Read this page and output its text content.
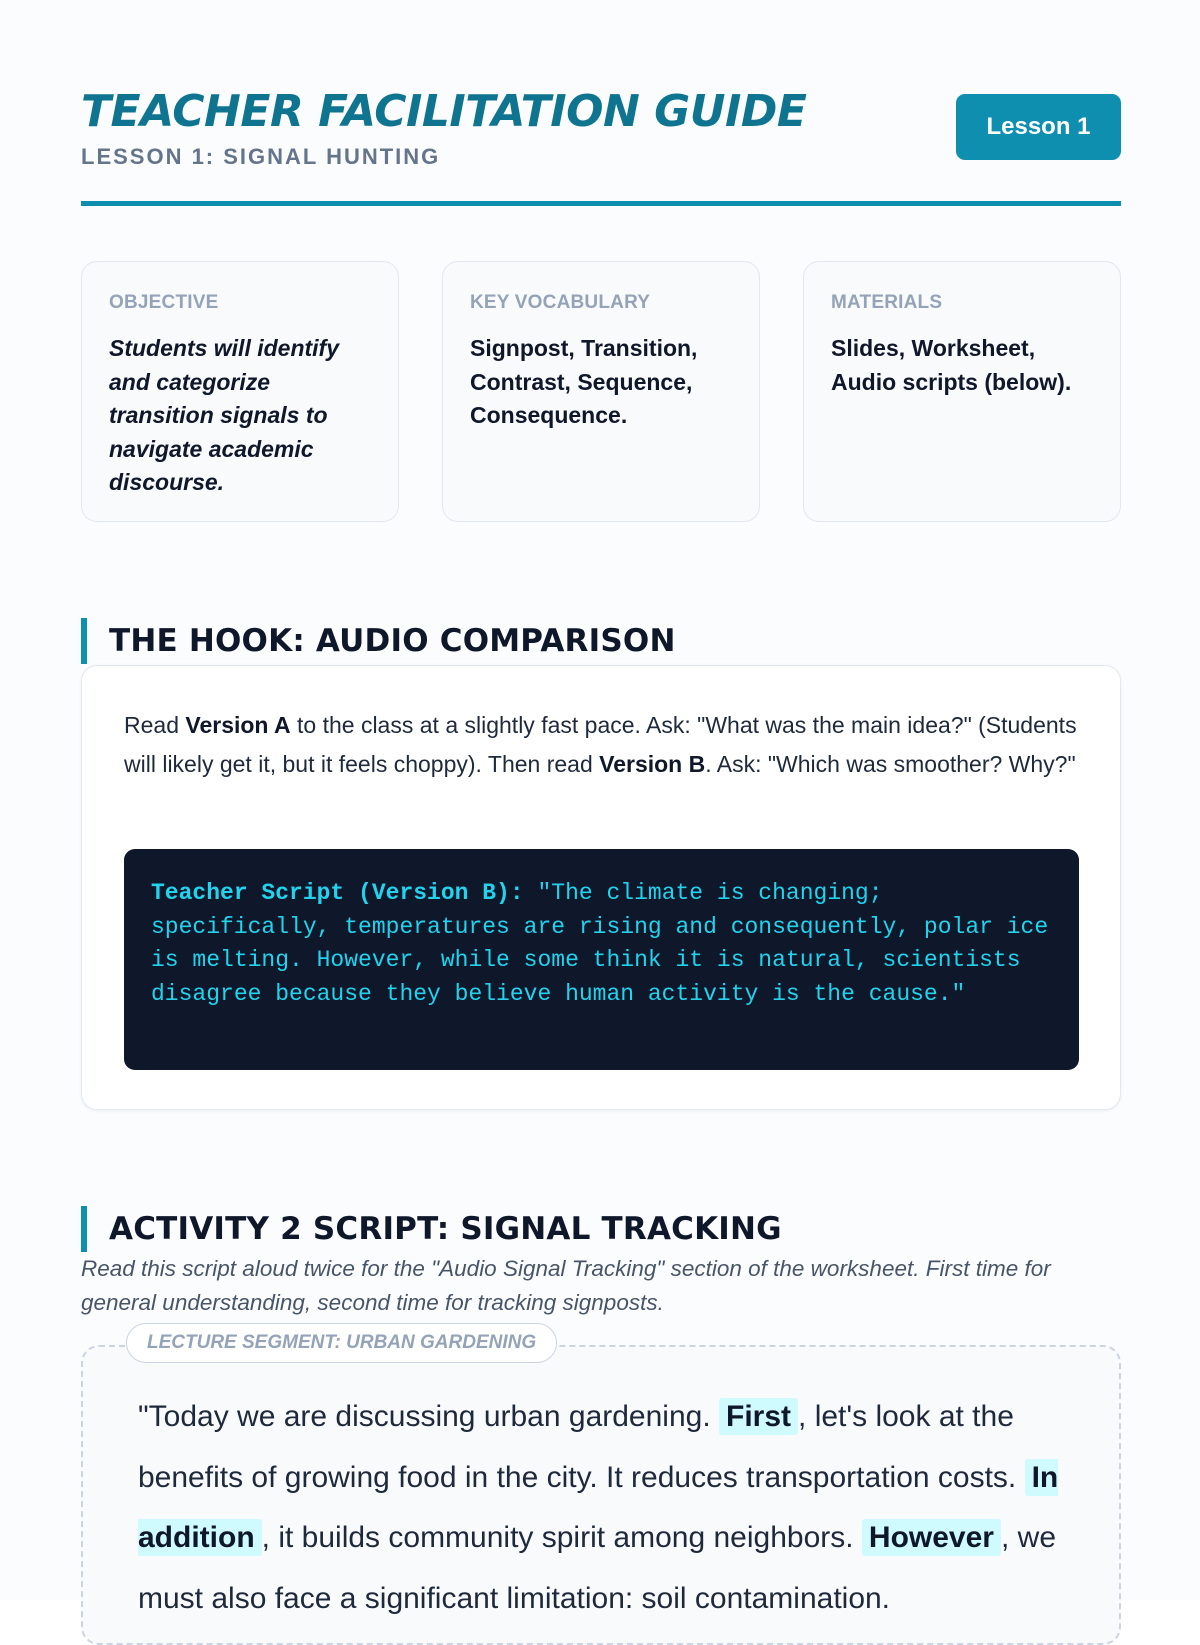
TEACHER FACILITATION GUIDE

LESSON 1: SIGNAL HUNTING

Lesson 1
OBJECTIVE

Students will identify and categorize transition signals to navigate academic discourse.

KEY VOCABULARY

Signpost, Transition, Contrast, Sequence, Consequence.

MATERIALS

Slides, Worksheet, Audio scripts (below).

THE HOOK: AUDIO COMPARISON

Read Version A to the class at a slightly fast pace. Ask: "What was the main idea?" (Students will likely get it, but it feels choppy). Then read Version B. Ask: "Which was smoother? Why?"

Teacher Script (Version B): "The climate is changing; specifically, temperatures are rising and consequently, polar ice is melting. However, while some think it is natural, scientists disagree because they believe human activity is the cause."
ACTIVITY 2 SCRIPT: SIGNAL TRACKING

Read this script aloud twice for the "Audio Signal Tracking" section of the worksheet. First time for general understanding, second time for tracking signposts.

LECTURE SEGMENT: URBAN GARDENING

"Today we are discussing urban gardening. First , let's look at the benefits of growing food in the city. It reduces transportation costs. In addition , it builds community spirit among neighbors. However , we must also face a significant limitation: soil contamination.
